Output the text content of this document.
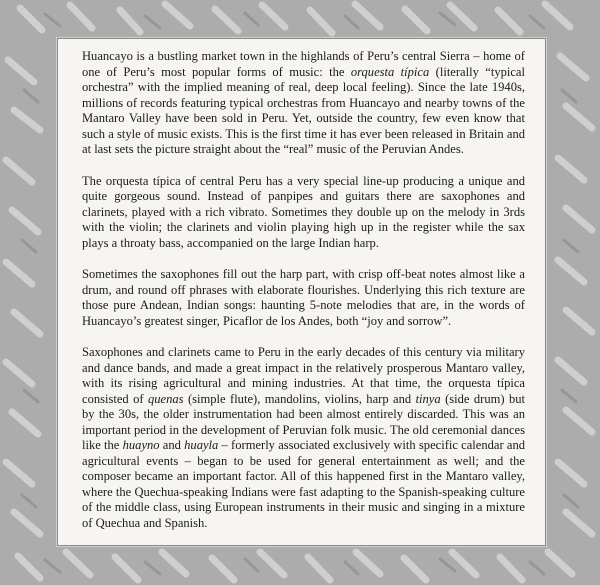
Huancayo is a bustling market town in the highlands of Peru’s central Sierra – home of one of Peru’s most popular forms of music: the orquesta típica (literally “typical orchestra” with the implied meaning of real, deep local feeling). Since the late 1940s, millions of records featuring typical orchestras from Huancayo and nearby towns of the Mantaro Valley have been sold in Peru. Yet, outside the country, few even know that such a style of music exists. This is the first time it has ever been released in Britain and at last sets the picture straight about the “real” music of the Peruvian Andes.

The orquesta típica of central Peru has a very special line-up producing a unique and quite gorgeous sound. Instead of panpipes and guitars there are saxophones and clarinets, played with a rich vibrato. Sometimes they double up on the melody in 3rds with the violin; the clarinets and violin playing high up in the register while the sax plays a throaty bass, accompanied on the large Indian harp.

Sometimes the saxophones fill out the harp part, with crisp off-beat notes almost like a drum, and round off phrases with elaborate flourishes. Underlying this rich texture are those pure Andean, Indian songs: haunting 5-note melodies that are, in the words of Huancayo’s greatest singer, Picaflor de los Andes, both “joy and sorrow”.

Saxophones and clarinets came to Peru in the early decades of this century via military and dance bands, and made a great impact in the relatively prosperous Mantaro valley, with its rising agricultural and mining industries. At that time, the orquesta típica consisted of quenas (simple flute), mandolins, violins, harp and tinya (side drum) but by the 30s, the older instrumentation had been almost entirely discarded. This was an important period in the development of Peruvian folk music. The old ceremonial dances like the huayno and huayla – formerly associated exclusively with specific calendar and agricultural events – began to be used for general entertainment as well; and the composer became an important factor. All of this happened first in the Mantaro valley, where the Quechua-speaking Indians were fast adapting to the Spanish-speaking culture of the middle class, using European instruments in their music and singing in a mixture of Quechua and Spanish.
